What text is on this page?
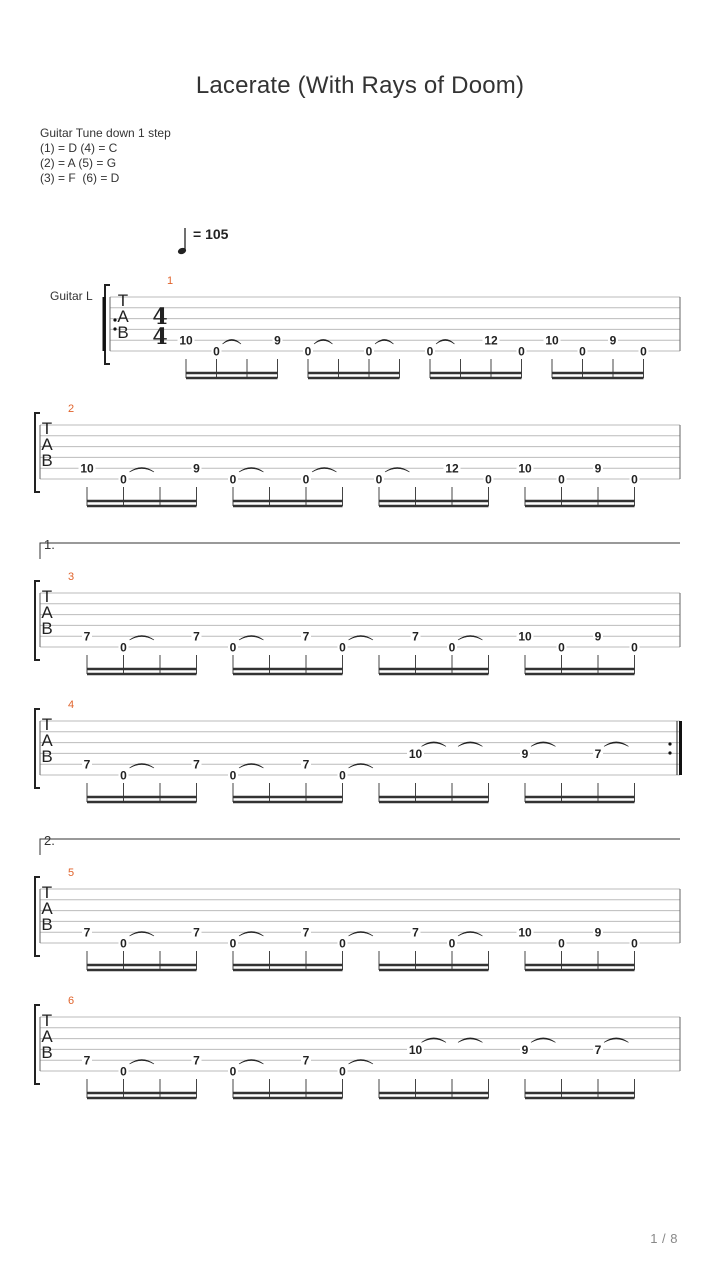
Lacerate (With Rays of Doom)
Guitar Tune down 1 step
(1) = D (4) = C
(2) = A (5) = G
(3) = F  (6) = D
= 105
Guitar L T
A
B
4
4
1
10
0
9
0	0	0
12
0
10
0
9
0
T
A
B
2
10
0
9
0	0	0
12
0
10
0
9
0
T
A
B
3
7
0
7
0
7
0
7
0
10
0
9
0
T
A
B
4
7
0
7
0
7
0
10	9	7
T
A
B
5
7
0
7
0
7
0
7
0
10
0
9
0
T
A
B
6
7
0
7
0
7
0
10	9	7
1.
2.
1 / 8
